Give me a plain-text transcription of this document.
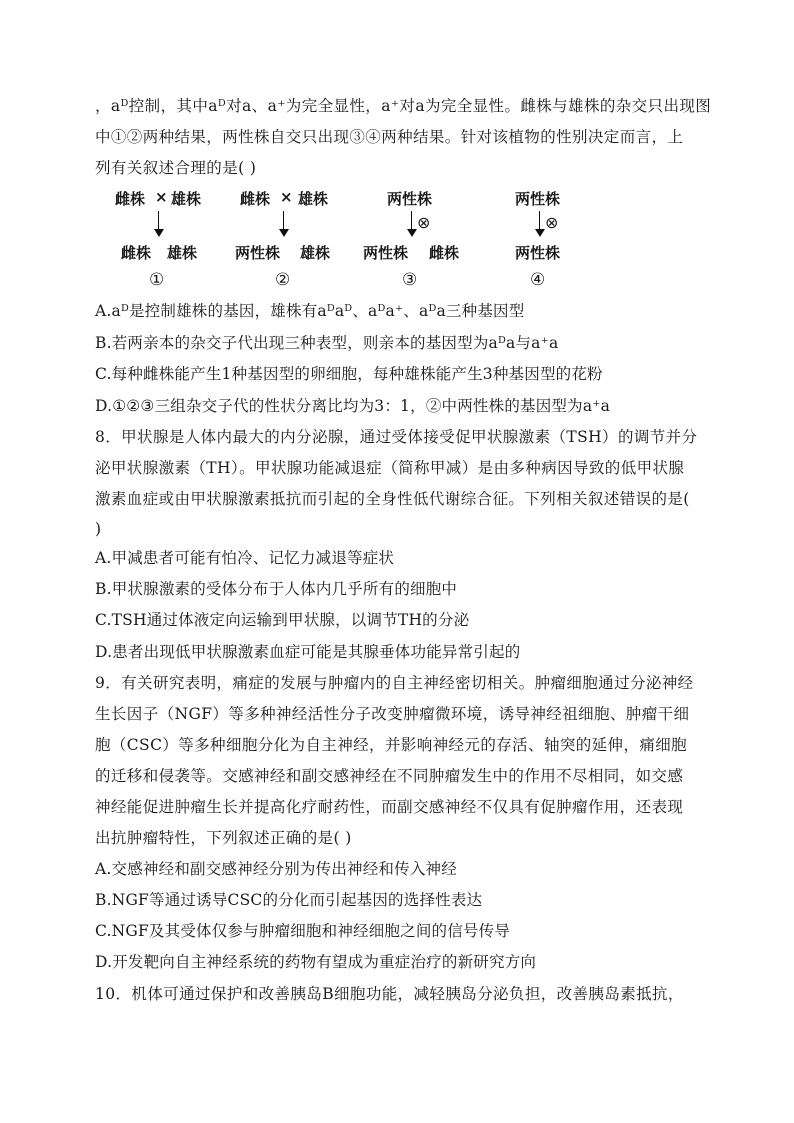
，aᴰ控制，其中aᴰ对a、a⁺为完全显性，a⁺对a为完全显性。雌株与雄株的杂交只出现图
中①②两种结果，两性株自交只出现③④两种结果。针对该植物的性别决定而言，上
列有关叙述合理的是( )
雌株 × 雄株
雌株 雄株
①
雌株 × 雄株
两性株 雄株
②
两性株
⊗
两性株 雌株
③
两性株
⊗
两性株
④
A.aᴰ是控制雄株的基因，雄株有aᴰaᴰ、aᴰa⁺、aᴰa三种基因型
B.若两亲本的杂交子代出现三种表型，则亲本的基因型为aᴰa与a⁺a
C.每种雌株能产生1种基因型的卵细胞，每种雄株能产生3种基因型的花粉
D.①②③三组杂交子代的性状分离比均为3：1，②中两性株的基因型为a⁺a
8．甲状腺是人体内最大的内分泌腺，通过受体接受促甲状腺激素（TSH）的调节并分
泌甲状腺激素（TH）。甲状腺功能减退症（简称甲减）是由多种病因导致的低甲状腺
激素血症或由甲状腺激素抵抗而引起的全身性低代谢综合征。下列相关叙述错误的是(
)
A.甲减患者可能有怕冷、记忆力减退等症状
B.甲状腺激素的受体分布于人体内几乎所有的细胞中
C.TSH通过体液定向运输到甲状腺，以调节TH的分泌
D.患者出现低甲状腺激素血症可能是其腺垂体功能异常引起的
9．有关研究表明，痛症的发展与肿瘤内的自主神经密切相关。肿瘤细胞通过分泌神经
生长因子（NGF）等多种神经活性分子改变肿瘤微环境，诱导神经祖细胞、肿瘤干细
胞（CSC）等多种细胞分化为自主神经，并影响神经元的存活、轴突的延伸，痛细胞
的迁移和侵袭等。交感神经和副交感神经在不同肿瘤发生中的作用不尽相同，如交感
神经能促进肿瘤生长并提高化疗耐药性，而副交感神经不仅具有促肿瘤作用，还表现
出抗肿瘤特性，下列叙述正确的是( )
A.交感神经和副交感神经分别为传出神经和传入神经
B.NGF等通过诱导CSC的分化而引起基因的选择性表达
C.NGF及其受体仅参与肿瘤细胞和神经细胞之间的信号传导
D.开发靶向自主神经系统的药物有望成为重症治疗的新研究方向
10．机体可通过保护和改善胰岛B细胞功能，减轻胰岛分泌负担，改善胰岛素抵抗，
